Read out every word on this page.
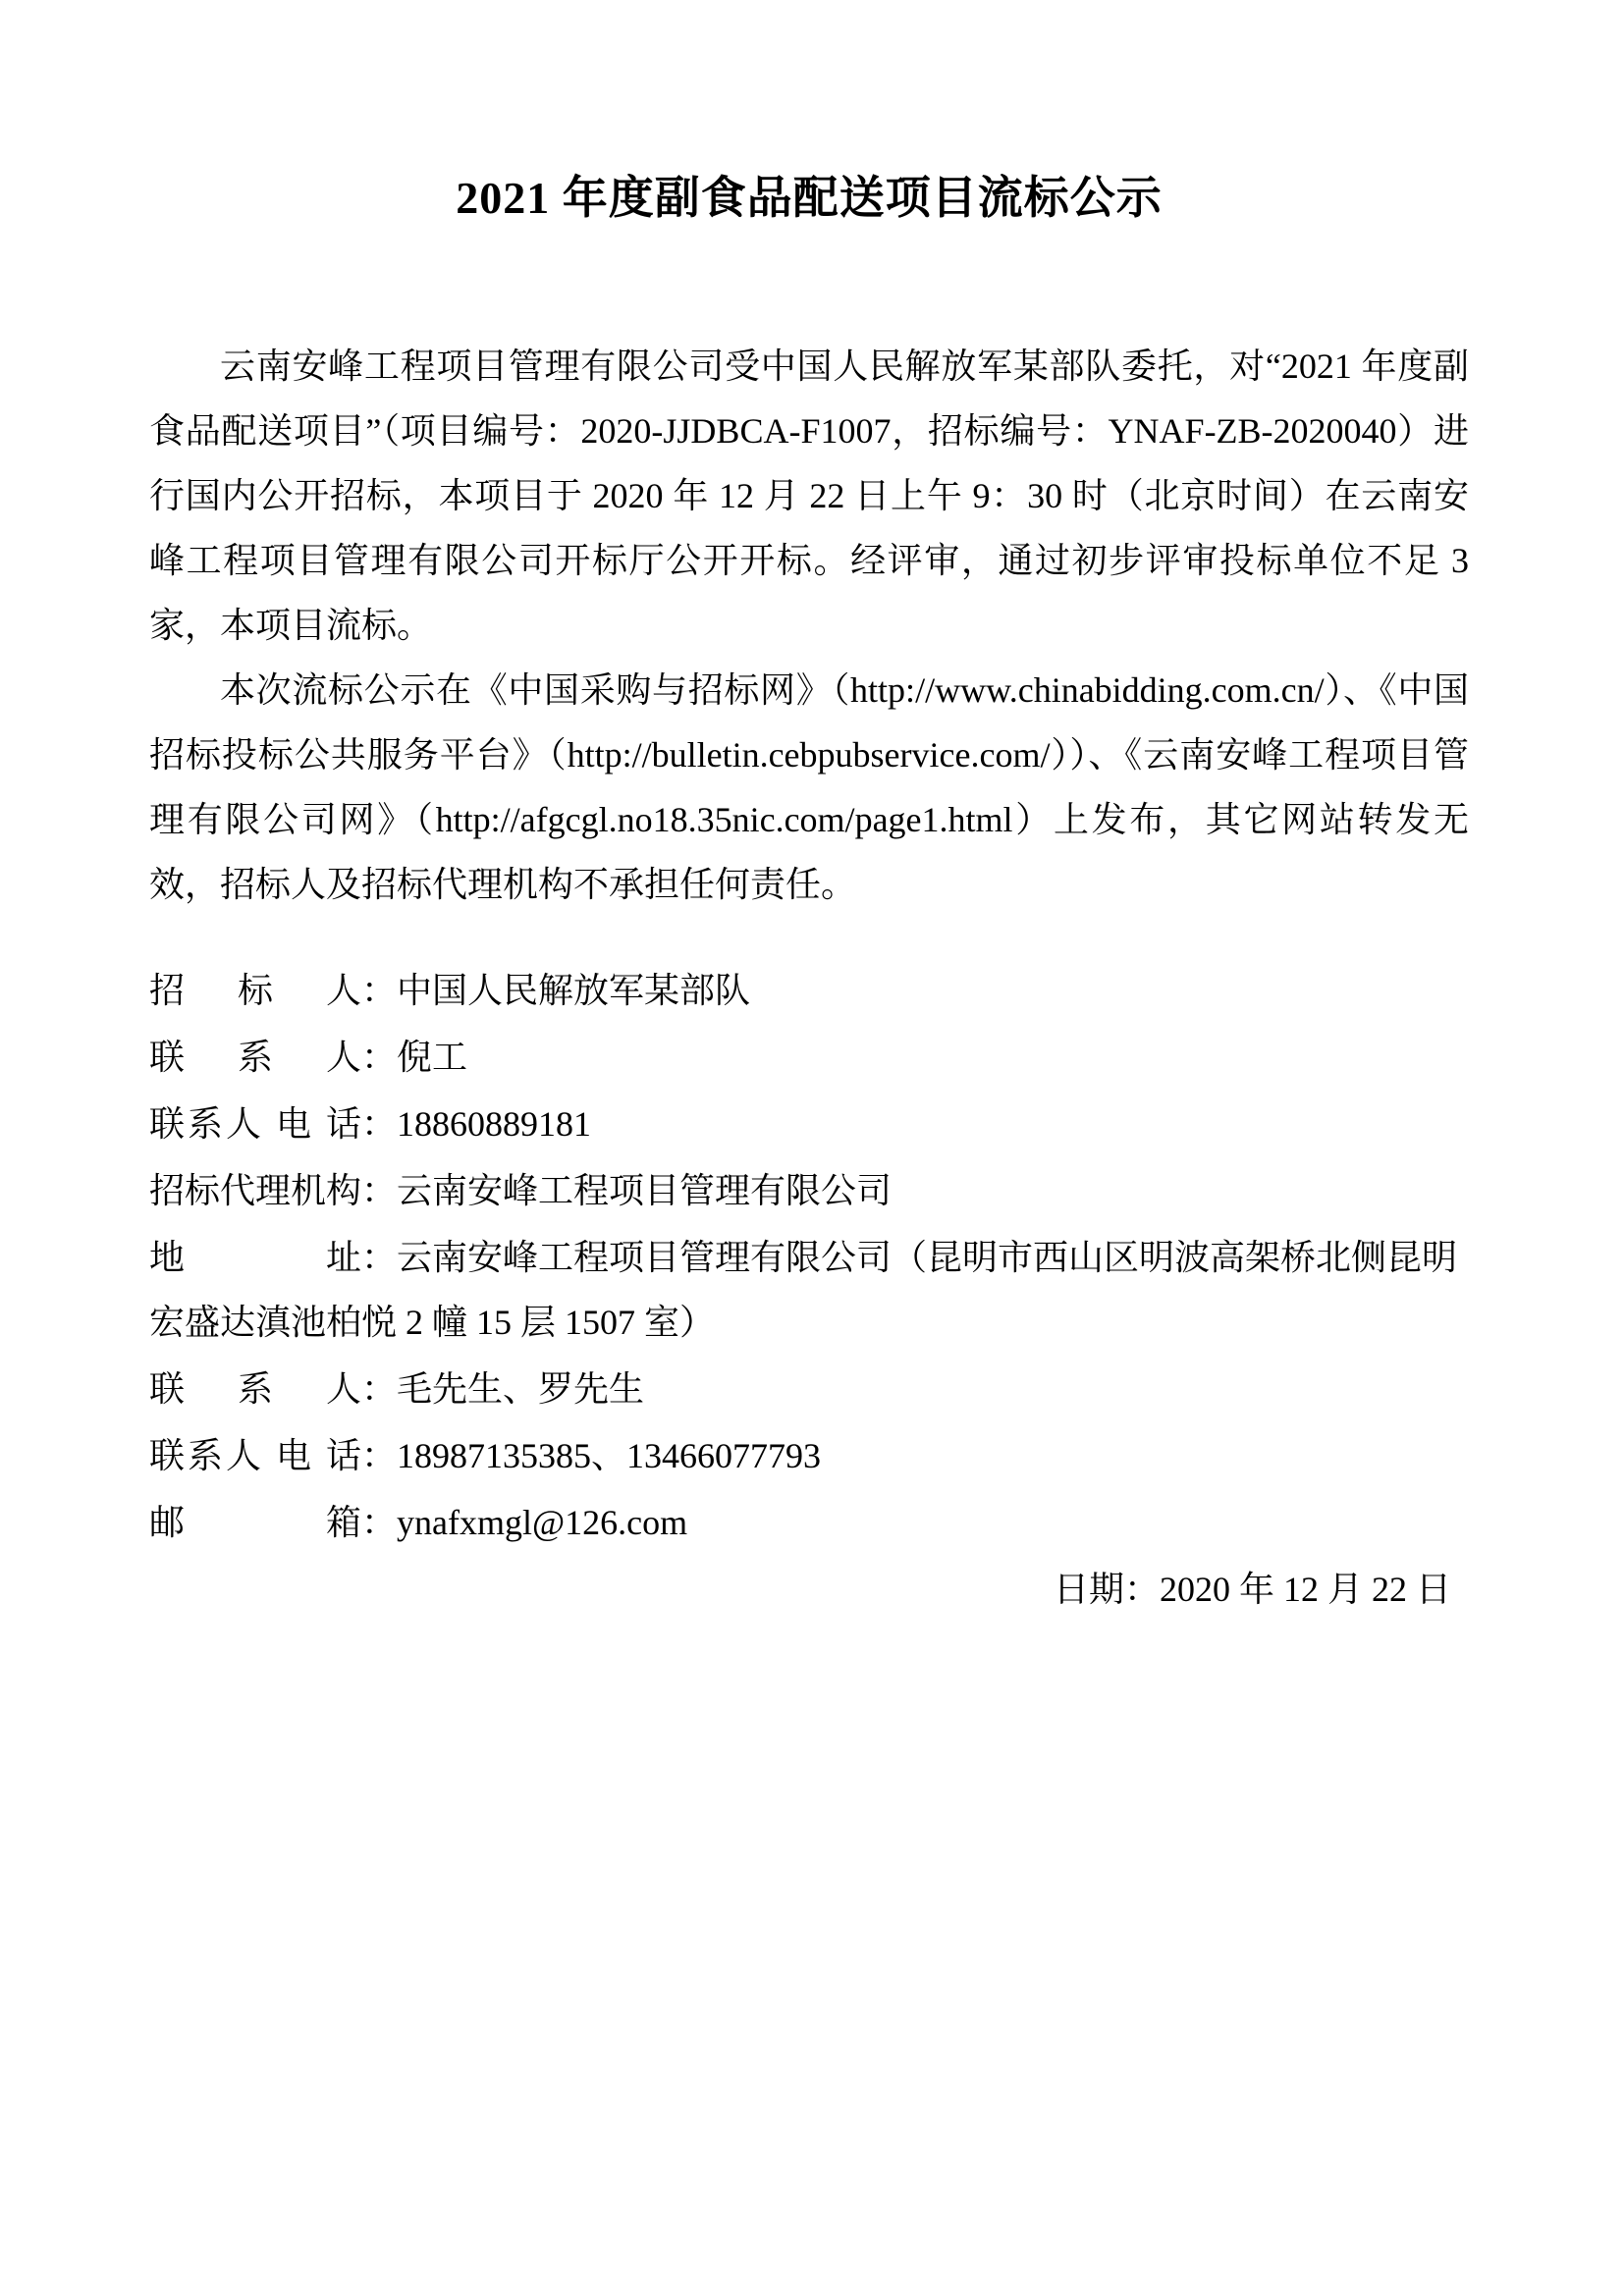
2021 年度副食品配送项目流标公示

云南安峰工程项目管理有限公司受中国人民解放军某部队委托，对“2021 年度副食品配送项目”（项目编号：2020-JJDBCA-F1007，招标编号：YNAF-ZB-2020040）进行国内公开招标，本项目于 2020 年 12 月 22 日上午 9：30 时（北京时间）在云南安峰工程项目管理有限公司开标厅公开开标。经评审，通过初步评审投标单位不足 3 家，本项目流标。

本次流标公示在《中国采购与招标网》（http://www.chinabidding.com.cn/）、《中国招标投标公共服务平台》（http://bulletin.cebpubservice.com/））、《云南安峰工程项目管理有限公司网》（http://afgcgl.no18.35nic.com/page1.html）上发布，其它网站转发无效，招标人及招标代理机构不承担任何责任。

招标人：中国人民解放军某部队

联系人：倪工

联系人 电 话：18860889181

招标代理机构：云南安峰工程项目管理有限公司

地址：云南安峰工程项目管理有限公司（昆明市西山区明波高架桥北侧昆明宏盛达滇池柏悦 2 幢 15 层 1507 室）

联系人：毛先生、罗先生

联系人 电 话：18987135385、13466077793

邮箱：ynafxmgl@126.com

日期：2020 年 12 月 22 日
